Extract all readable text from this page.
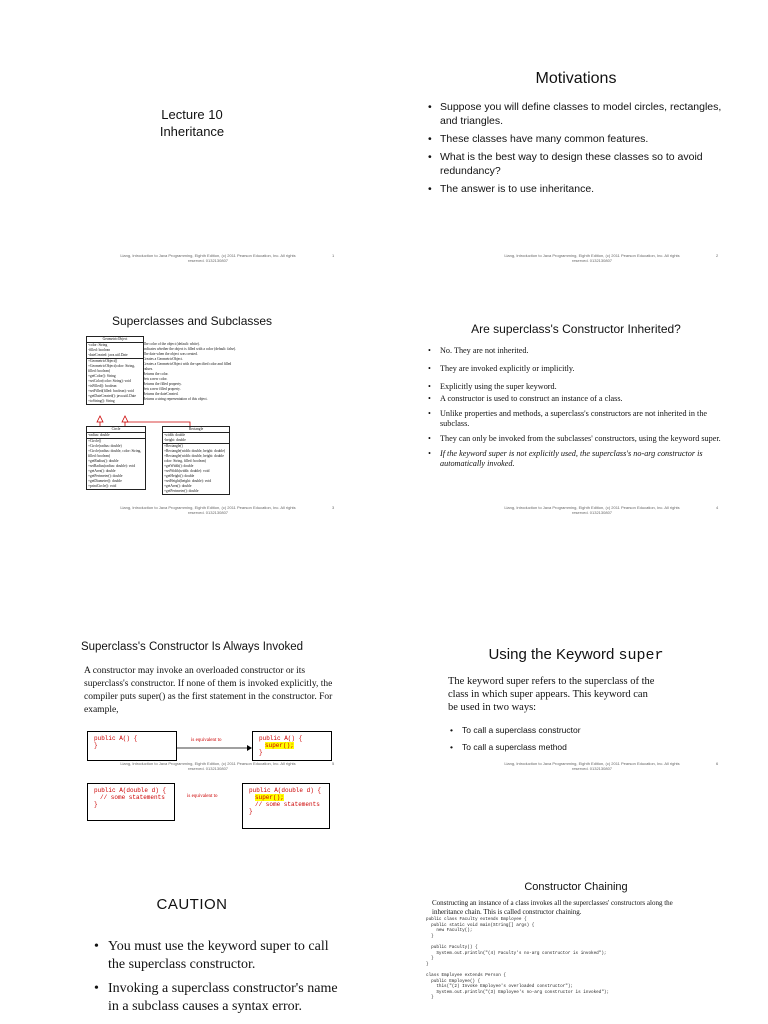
Lecture 10
Inheritance
Liang, Introduction to Java Programming, Eighth Edition, (c) 2011 Pearson Education, Inc. All rights reserved. 0132130807
1
Motivations
• Suppose you will define classes to model circles, rectangles, and triangles.
• These classes have many common features.
• What is the best way to design these classes so to avoid redundancy?
• The answer is to use inheritance.
Liang, Introduction to Java Programming, Eighth Edition, (c) 2011 Pearson Education, Inc. All rights reserved. 0132130807
2
Superclasses and Subclasses
GeometricObject
-color: String
-filled: boolean
-dateCreated: java.util.Date
+GeometricObject()
+GeometricObject(color: String,
filled: boolean)
+getColor(): String
+setColor(color: String): void
+isFilled(): boolean
+setFilled(filled: boolean): void
+getDateCreated(): java.util.Date
+toString(): String
The color of the object (default: white).
Indicates whether the object is filled with a color (default: false).
The date when the object was created.
Creates a GeometricObject.
Creates a GeometricObject with the specified color and filled
values.
Returns the color.
Sets a new color.
Returns the filled property.
Sets a new filled property.
Returns the dateCreated.
Returns a string representation of this object.
Circle
-radius: double
+Circle()
+Circle(radius: double)
+Circle(radius: double, color: String,
filled: boolean)
+getRadius(): double
+setRadius(radius: double): void
+getArea(): double
+getPerimeter(): double
+getDiameter(): double
+printCircle(): void
Rectangle
-width: double
-height: double
+Rectangle()
+Rectangle(width: double, height: double)
+Rectangle(width: double, height: double
color: String, filled: boolean)
+getWidth(): double
+setWidth(width: double): void
+getHeight(): double
+setHeight(height: double): void
+getArea(): double
+getPerimeter(): double
Liang, Introduction to Java Programming, Eighth Edition, (c) 2011 Pearson Education, Inc. All rights reserved. 0132130807
3
Are superclass's Constructor Inherited?
• No. They are not inherited.
• They are invoked explicitly or implicitly.
• Explicitly using the super keyword.
• A constructor is used to construct an instance of a class.
• Unlike properties and methods, a superclass's constructors are not inherited in the subclass.
• They can only be invoked from the subclasses' constructors, using the keyword super.
• If the keyword super is not explicitly used, the superclass's no-arg constructor is automatically invoked.
Liang, Introduction to Java Programming, Eighth Edition, (c) 2011 Pearson Education, Inc. All rights reserved. 0132130807
4
Superclass's Constructor Is Always Invoked
A constructor may invoke an overloaded constructor or its superclass's constructor. If none of them is invoked explicitly, the compiler puts super() as the first statement in the constructor. For example,
public A() {
}
is equivalent to	public A() {
super();
}
public A(double d) {
// some statements
}
is equivalent to
public A(double d) {
super();
// some statements
}
Liang, Introduction to Java Programming, Eighth Edition, (c) 2011 Pearson Education, Inc. All rights reserved. 0132130807
5
Using the Keyword super
The keyword super refers to the superclass of the class in which super appears. This keyword can be used in two ways:
• To call a superclass constructor
• To call a superclass method
Liang, Introduction to Java Programming, Eighth Edition, (c) 2011 Pearson Education, Inc. All rights reserved. 0132130807
6
CAUTION
• You must use the keyword super to call the superclass constructor.
• Invoking a superclass constructor's name in a subclass causes a syntax error.
Constructor Chaining
Constructing an instance of a class invokes all the superclasses' constructors along the inheritance chain. This is called constructor chaining.
public class Faculty extends Employee {
public static void main(String[] args) {
new Faculty();
}

public Faculty() {
System.out.println("(4) Faculty's no-arg constructor is invoked");
}
}

class Employee extends Person {
public Employee() {
this("(2) Invoke Employee's overloaded constructor");
System.out.println("(3) Employee's no-arg constructor is invoked");
}
